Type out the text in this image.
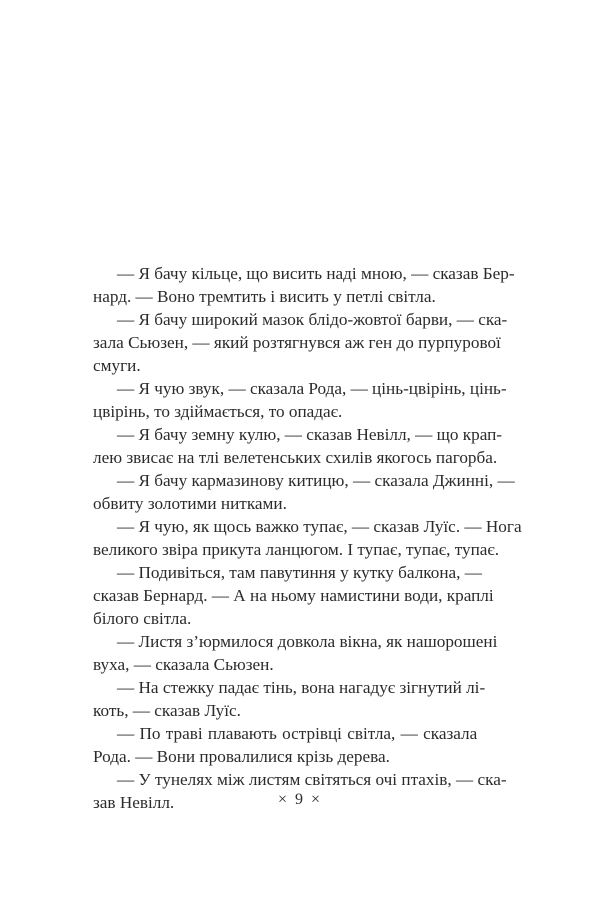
— Я бачу кільце, що висить наді мною, — сказав Бер-
нард. — Воно тремтить і висить у петлі світла.
— Я бачу широкий мазок блідо-жовтої барви, — ска-
зала Сьюзен, — який розтягнувся аж ген до пурпурової
смуги.
— Я чую звук, — сказала Рода, — цінь-цвірінь, цінь-
цвірінь, то здіймається, то опадає.
— Я бачу земну кулю, — сказав Невілл, — що крап-
лею звисає на тлі велетенських схилів якогось пагорба.
— Я бачу кармазинову китицю, — сказала Джинні, —
обвиту золотими нитками.
— Я чую, як щось важко тупає, — сказав Луїс. — Нога
великого звіра прикута ланцюгом. І тупає, тупає, тупає.
— Подивіться, там павутиння у кутку балкона, —
сказав Бернард. — А на ньому намистини води, краплі
білого світла.
— Листя з’юрмилося довкола вікна, як нашорошені
вуха, — сказала Сьюзен.
— На стежку падає тінь, вона нагадує зігнутий лі-
коть, — сказав Луїс.
— По траві плавають острівці світла, — сказала
Рода. — Вони провалилися крізь дерева.
— У тунелях між листям світяться очі птахів, — ска-
зав Невілл.	× 9 ×
